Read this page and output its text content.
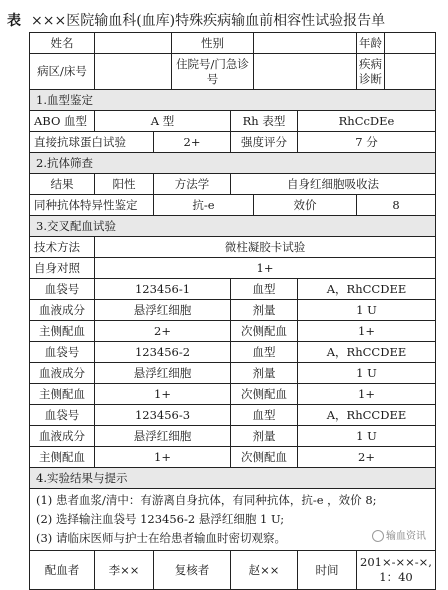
表 ×××医院输血科(血库)特殊疾病输血前相容性试验报告单
姓名			性别				年龄	
病区/床号			住院号/门急诊号				疾病诊断	
1.血型鉴定								
ABO 血型	A 型			Rh 表型		RhCcDEe		
直接抗球蛋白试验		2+		强度评分		7 分		
2.抗体筛查								
结果	阳性	方法学		自身红细胞吸收法				
同种抗体特异性鉴定		抗-e			效价		8	
3.交叉配血试验								
技术方法	微柱凝胶卡试验							
自身对照	1+							
血袋号	123456-1			血型		A，RhCCDEE		
血液成分	悬浮红细胞			剂量		1 U		
主侧配血	2+			次侧配血		1+		
血袋号	123456-2			血型		A，RhCCDEE		
血液成分	悬浮红细胞			剂量		1 U		
主侧配血	1+			次侧配血		1+		
血袋号	123456-3			血型		A，RhCCDEE		
血液成分	悬浮红细胞			剂量		1 U		
主侧配血	1+			次侧配血		2+		
4.实验结果与提示								

(1) 患者血浆/清中：有游离自身抗体，有同种抗体，抗-e ，效价 8;
(2) 选择输注血袋号 123456-2 悬浮红细胞 1 U;
(3) 请临床医师与护士在给患者输血时密切观察。								

配血者	李××	复核者		赵××		时间	201×-××-×,
1：40	
输血资讯
